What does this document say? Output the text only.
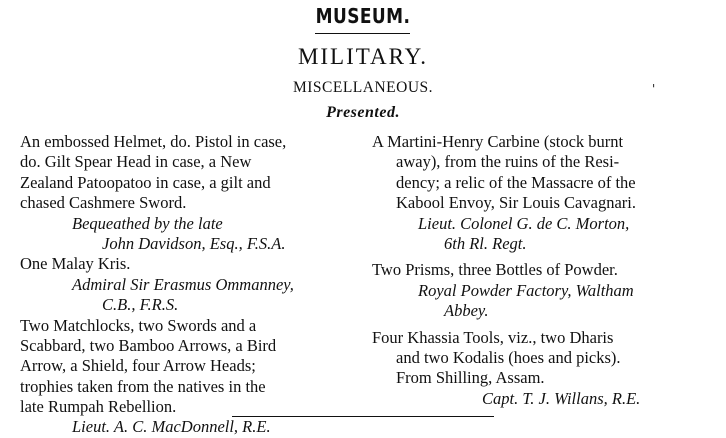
MUSEUM.
MILITARY.
MISCELLANEOUS.
Presented.
'
An embossed Helmet, do. Pistol in case,
do. Gilt Spear Head in case, a New
Zealand Patoopatoo in case, a gilt and
chased Cashmere Sword.
Bequeathed by the late
John Davidson, Esq., F.S.A.
One Malay Kris.
Admiral Sir Erasmus Ommanney,
C.B., F.R.S.
Two Matchlocks, two Swords and a
Scabbard, two Bamboo Arrows, a Bird
Arrow, a Shield, four Arrow Heads;
trophies taken from the natives in the
late Rumpah Rebellion.
Lieut. A. C. MacDonnell, R.E.
A Martini-Henry Carbine (stock burnt
away), from the ruins of the Resi-
dency; a relic of the Massacre of the
Kabool Envoy, Sir Louis Cavagnari.
Lieut. Colonel G. de C. Morton,
6th Rl. Regt.
Two Prisms, three Bottles of Powder.
Royal Powder Factory, Waltham
Abbey.
Four Khassia Tools, viz., two Dharis
and two Kodalis (hoes and picks).
From Shilling, Assam.
Capt. T. J. Willans, R.E.
